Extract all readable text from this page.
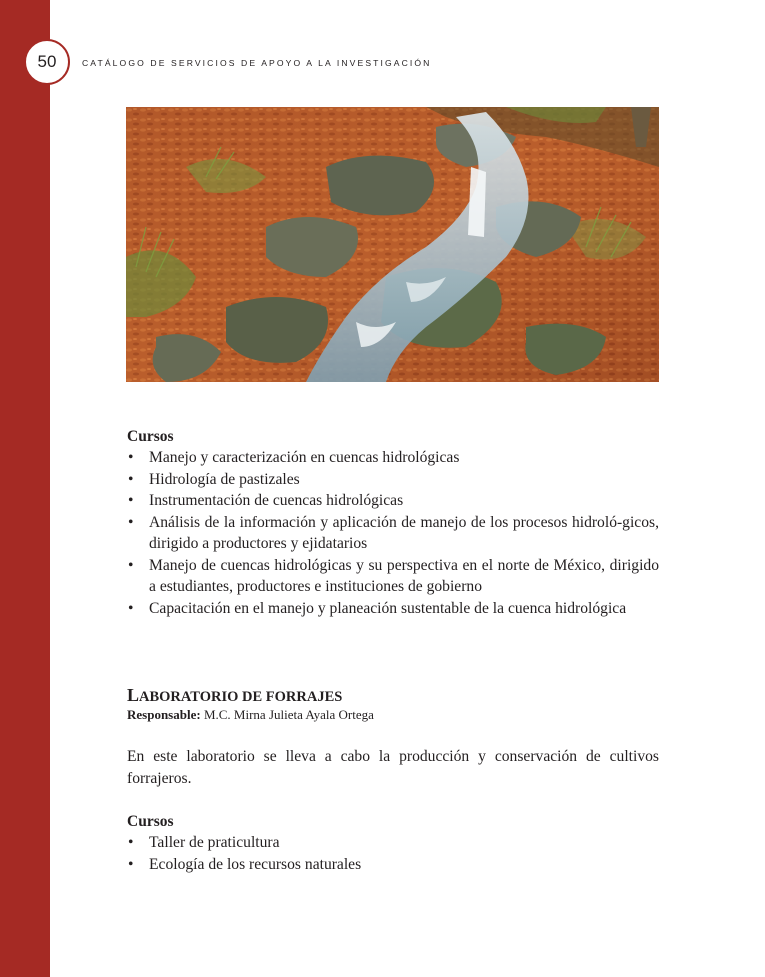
50	CATÁLOGO DE SERVICIOS DE APOYO A LA INVESTIGACIÓN

Cursos

• Manejo y caracterización en cuencas hidrológicas
• Hidrología de pastizales
• Instrumentación de cuencas hidrológicas
• Análisis de la información y aplicación de manejo de los procesos hidroló-gicos, dirigido a productores y ejidatarios
• Manejo de cuencas hidrológicas y su perspectiva en el norte de México, dirigido a estudiantes, productores e instituciones de gobierno
• Capacitación en el manejo y planeación sustentable de la cuenca hidrológica

LABORATORIO DE FORRAJES

Responsable: M.C. Mirna Julieta Ayala Ortega

En este laboratorio se lleva a cabo la producción y conservación de cultivos forrajeros.

Cursos

• Taller de praticultura
• Ecología de los recursos naturales
